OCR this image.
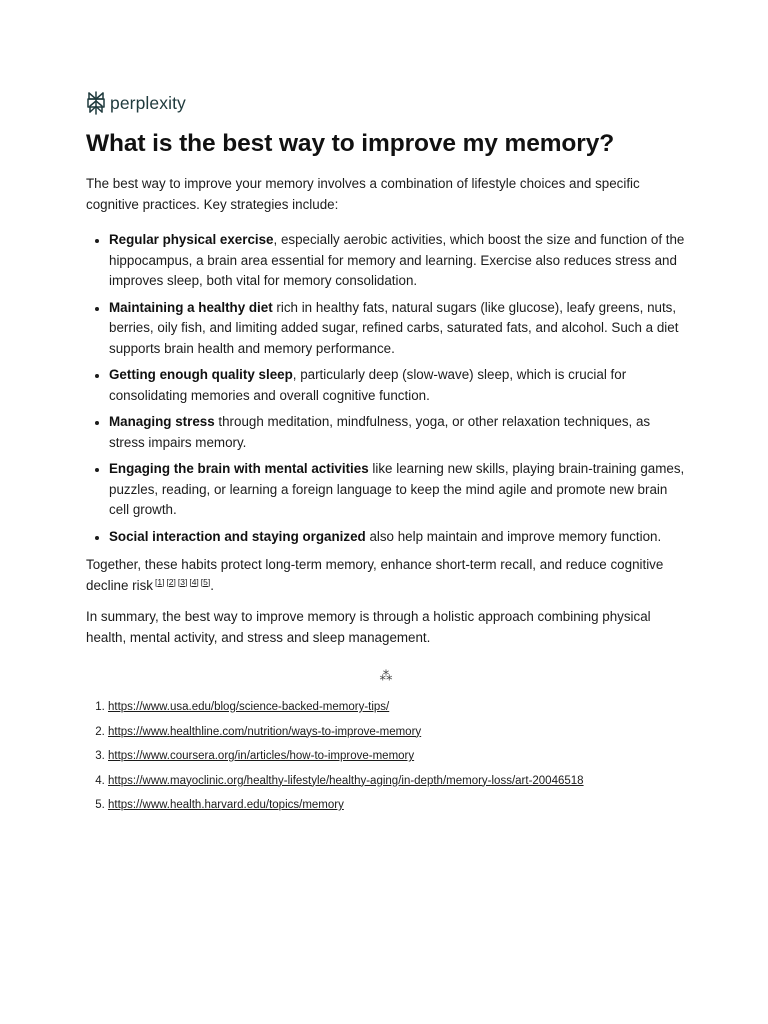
perplexity
What is the best way to improve my memory?

The best way to improve your memory involves a combination of lifestyle choices and specific cognitive practices. Key strategies include:

• Regular physical exercise, especially aerobic activities, which boost the size and function of the hippocampus, a brain area essential for memory and learning. Exercise also reduces stress and improves sleep, both vital for memory consolidation.
• Maintaining a healthy diet rich in healthy fats, natural sugars (like glucose), leafy greens, nuts, berries, oily fish, and limiting added sugar, refined carbs, saturated fats, and alcohol. Such a diet supports brain health and memory performance.
• Getting enough quality sleep, particularly deep (slow-wave) sleep, which is crucial for consolidating memories and overall cognitive function.
• Managing stress through meditation, mindfulness, yoga, or other relaxation techniques, as stress impairs memory.
• Engaging the brain with mental activities like learning new skills, playing brain-training games, puzzles, reading, or learning a foreign language to keep the mind agile and promote new brain cell growth.
• Social interaction and staying organized also help maintain and improve memory function.

Together, these habits protect long-term memory, enhance short-term recall, and reduce cognitive decline risk [1] [2] [3] [4] [5].

In summary, the best way to improve memory is through a holistic approach combining physical health, mental activity, and stress and sleep management.

⁂
1. https://www.usa.edu/blog/science-backed-memory-tips/
2. https://www.healthline.com/nutrition/ways-to-improve-memory
3. https://www.coursera.org/in/articles/how-to-improve-memory
4. https://www.mayoclinic.org/healthy-lifestyle/healthy-aging/in-depth/memory-loss/art-20046518
5. https://www.health.harvard.edu/topics/memory
